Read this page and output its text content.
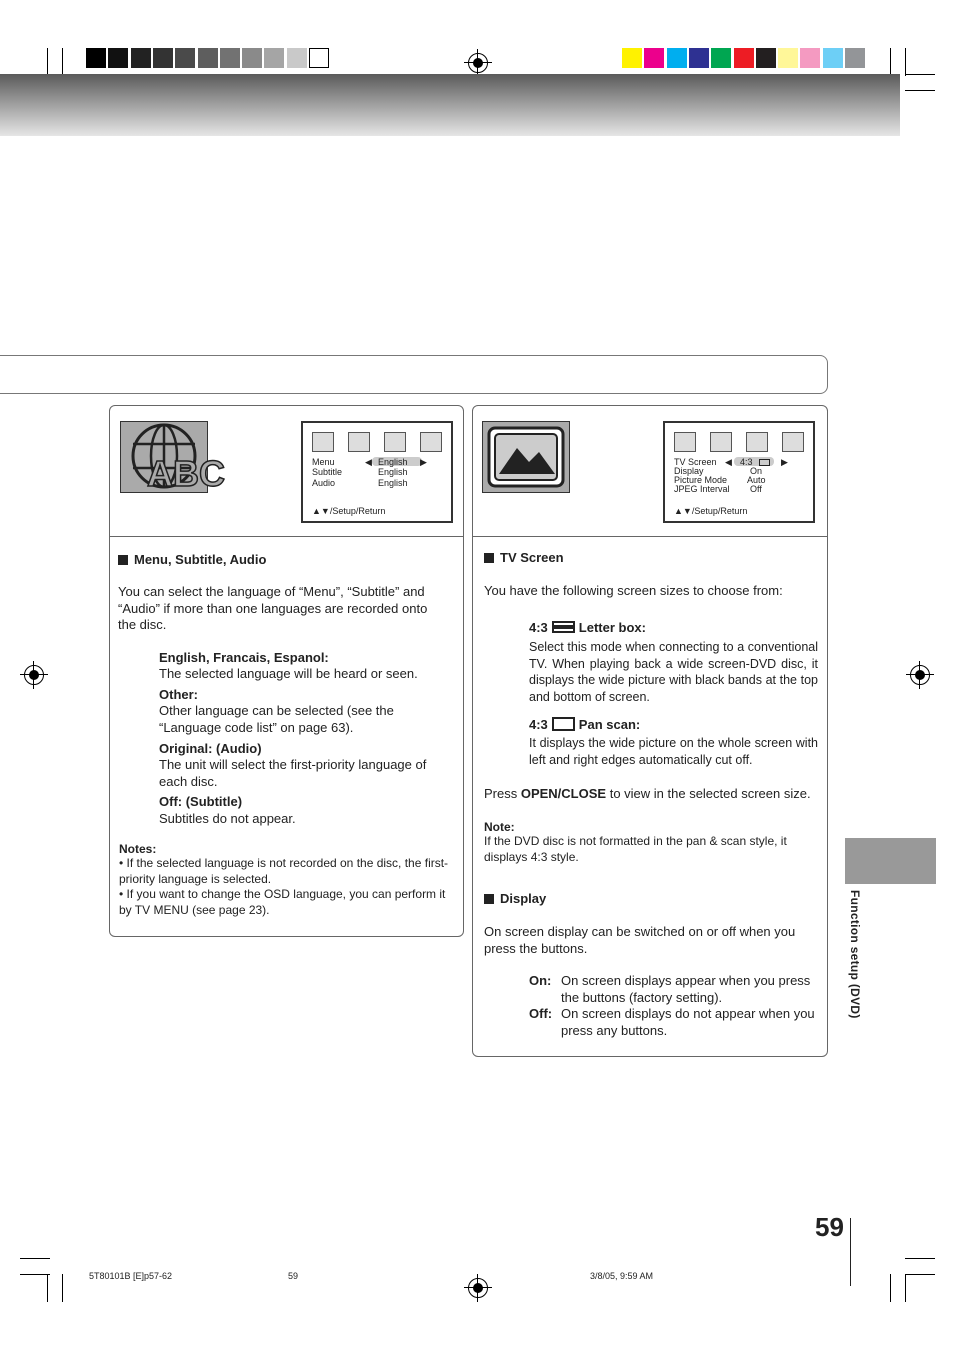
ABC	Menu	◀ English ▶
Subtitle	English
Audio	English
▲▼/Setup/Return
Menu, Subtitle, Audio
You can select the language of “Menu”, “Subtitle” and “Audio” if more than one languages are recorded onto the disc.
English, Francais, Espanol:
The selected language will be heard or seen.
Other:
Other language can be selected (see the “Language code list” on page 63).
Original: (Audio)
The unit will select the first-priority language of each disc.
Off: (Subtitle)
Subtitles do not appear.
Notes:
• If the selected language is not recorded on the disc, the first-priority language is selected.
• If you want to change the OSD language, you can perform it by TV MENU (see page 23).
TV Screen ◀ 4:3	▶
Display	On
Picture Mode Auto
JPEG Interval Off
▲▼/Setup/Return
TV Screen
You have the following screen sizes to choose from:
4:3 Letter box:
Select this mode when connecting to a conventional TV. When playing back a wide screen-DVD disc, it displays the wide picture with black bands at the top and bottom of screen.
4:3 Pan scan:
It displays the wide picture on the whole screen with left and right edges automatically cut off.
Press OPEN/CLOSE to view in the selected screen size.
Note:
If the DVD disc is not formatted in the pan & scan style, it displays 4:3 style.
Display
On screen display can be switched on or off when you press the buttons.
On: On screen displays appear when you press the buttons (factory setting).
Off: On screen displays do not appear when you press any buttons.
Function setup (DVD)
59
5T80101B [E]p57-62	59	3/8/05, 9:59 AM
